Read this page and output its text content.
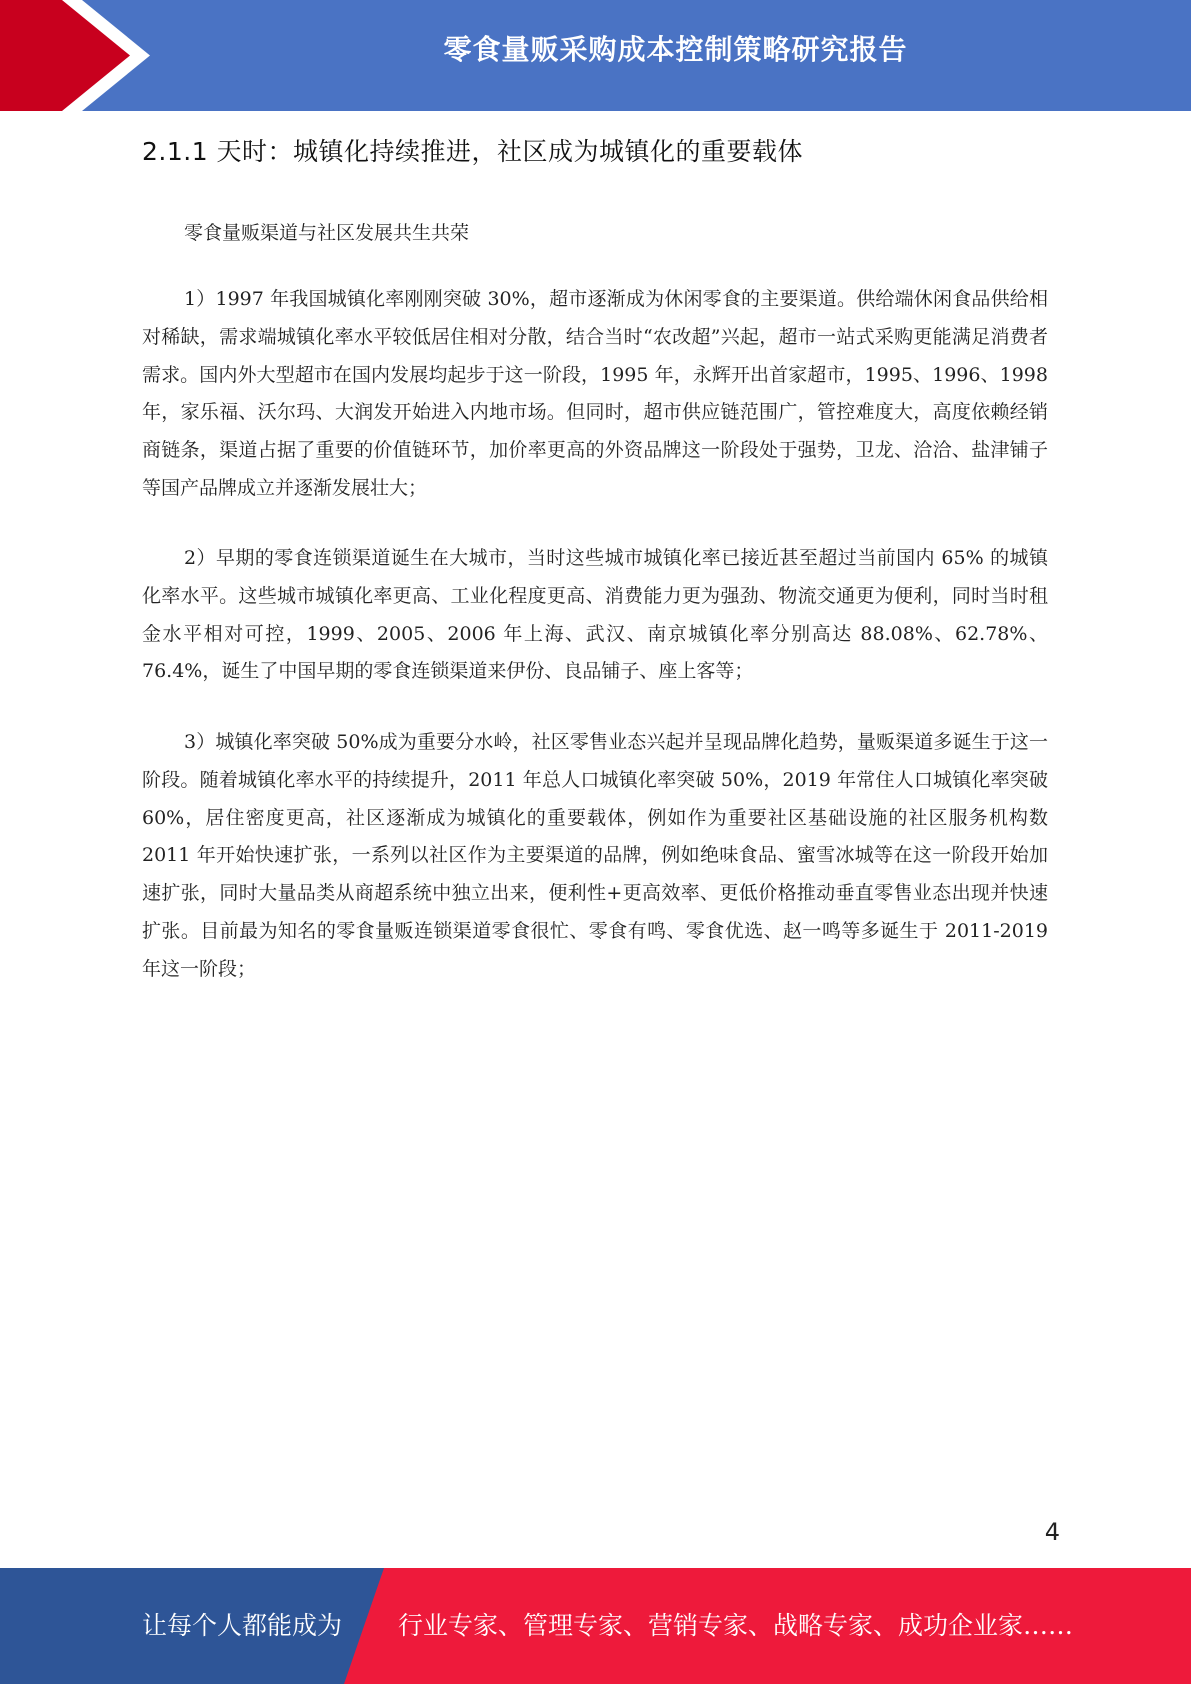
零食量贩采购成本控制策略研究报告
2.1.1 天时：城镇化持续推进，社区成为城镇化的重要载体
零食量贩渠道与社区发展共生共荣

1）1997 年我国城镇化率刚刚突破 30%，超市逐渐成为休闲零食的主要渠道。供给端休闲食品供给相对稀缺，需求端城镇化率水平较低居住相对分散，结合当时“农改超”兴起，超市一站式采购更能满足消费者需求。国内外大型超市在国内发展均起步于这一阶段，1995 年，永辉开出首家超市，1995、1996、1998 年，家乐福、沃尔玛、大润发开始进入内地市场。但同时，超市供应链范围广，管控难度大，高度依赖经销商链条，渠道占据了重要的价值链环节，加价率更高的外资品牌这一阶段处于强势，卫龙、洽洽、盐津铺子等国产品牌成立并逐渐发展壮大；

2）早期的零食连锁渠道诞生在大城市，当时这些城市城镇化率已接近甚至超过当前国内 65% 的城镇化率水平。这些城市城镇化率更高、工业化程度更高、消费能力更为强劲、物流交通更为便利，同时当时租金水平相对可控，1999、2005、2006 年上海、武汉、南京城镇化率分别高达 88.08%、62.78%、76.4%，诞生了中国早期的零食连锁渠道来伊份、良品铺子、座上客等；

3）城镇化率突破 50%成为重要分水岭，社区零售业态兴起并呈现品牌化趋势，量贩渠道多诞生于这一阶段。随着城镇化率水平的持续提升，2011 年总人口城镇化率突破 50%，2019 年常住人口城镇化率突破 60%，居住密度更高，社区逐渐成为城镇化的重要载体，例如作为重要社区基础设施的社区服务机构数 2011 年开始快速扩张，一系列以社区作为主要渠道的品牌，例如绝味食品、蜜雪冰城等在这一阶段开始加速扩张，同时大量品类从商超系统中独立出来，便利性+更高效率、更低价格推动垂直零售业态出现并快速扩张。目前最为知名的零食量贩连锁渠道零食很忙、零食有鸣、零食优选、赵一鸣等多诞生于 2011-2019 年这一阶段；

4
让每个人都能成为 行业专家、管理专家、营销专家、战略专家、成功企业家……
